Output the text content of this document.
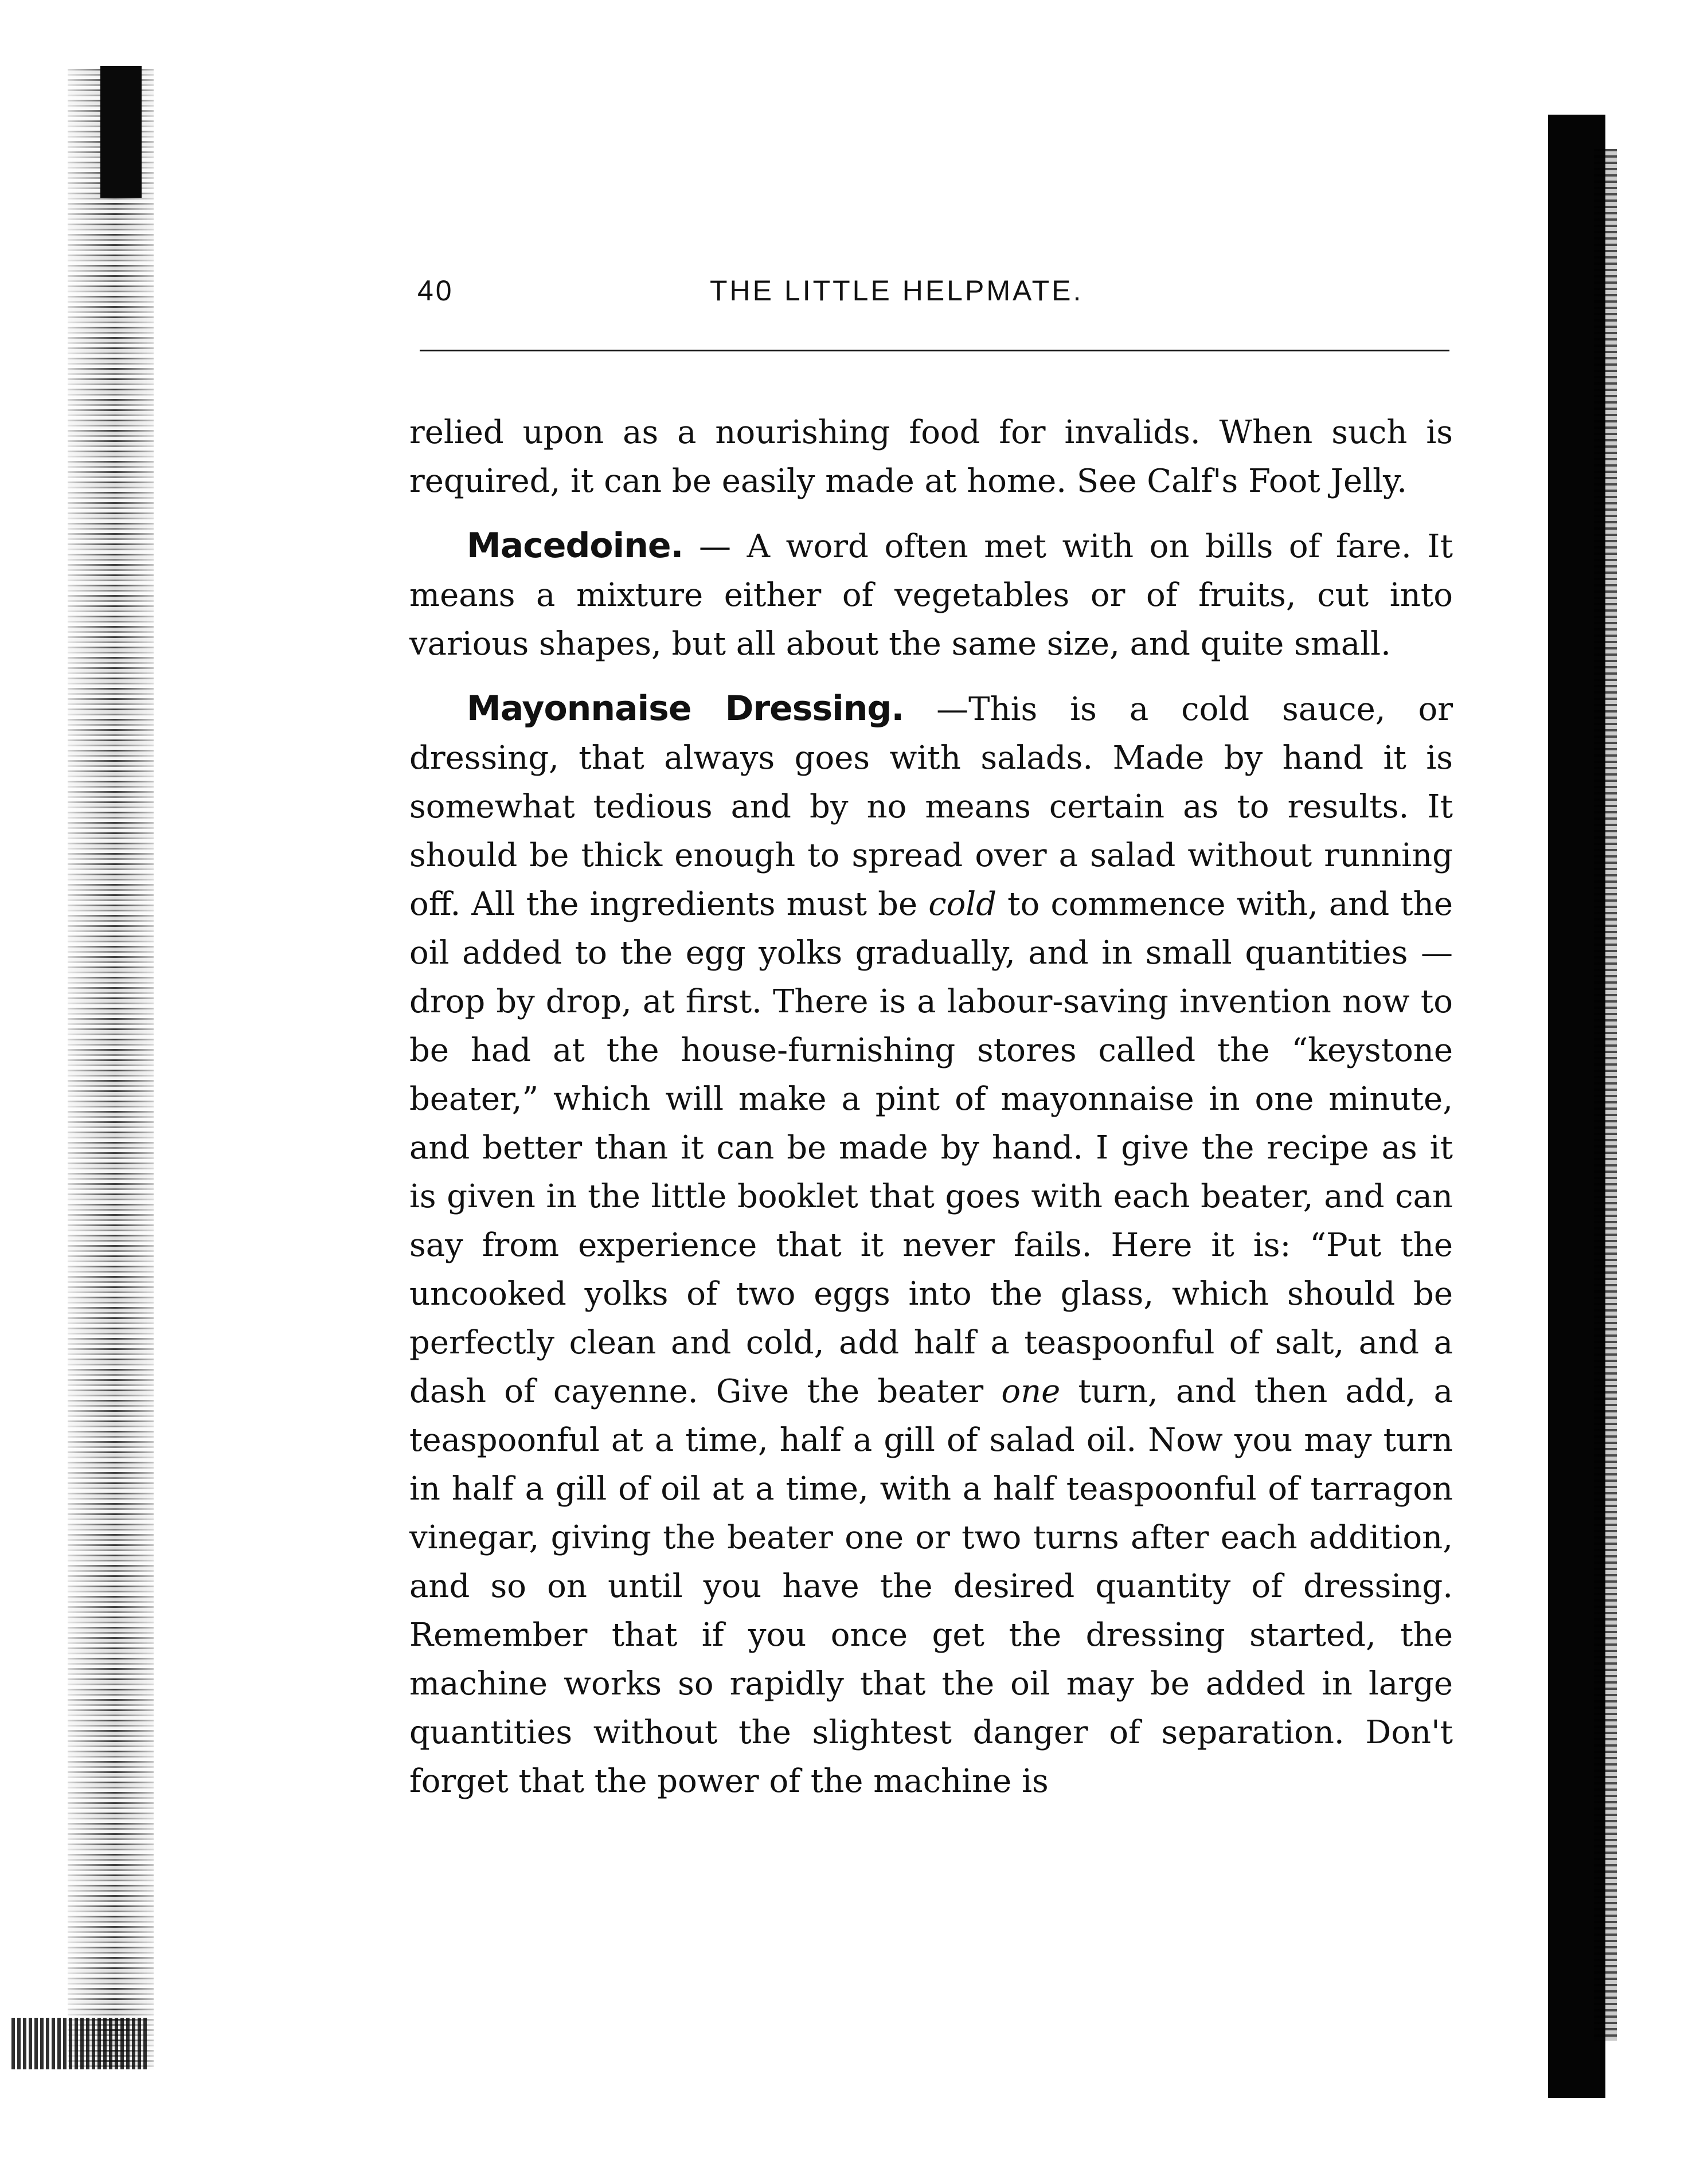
40	THE LITTLE HELPMATE.

relied upon as a nourishing food for invalids. When such is required, it can be easily made at home. See Calf's Foot Jelly.

Macedoine. — A word often met with on bills of fare. It means a mixture either of vegetables or of fruits, cut into various shapes, but all about the same size, and quite small.

Mayonnaise Dressing. —This is a cold sauce, or dressing, that always goes with salads. Made by hand it is somewhat tedious and by no means certain as to results. It should be thick enough to spread over a salad without running off. All the ingredients must be cold to commence with, and the oil added to the egg yolks gradually, and in small quantities — drop by drop, at first. There is a labour-saving invention now to be had at the house-furnishing stores called the “keystone beater,” which will make a pint of mayonnaise in one minute, and better than it can be made by hand. I give the recipe as it is given in the little booklet that goes with each beater, and can say from experience that it never fails. Here it is: “Put the uncooked yolks of two eggs into the glass, which should be perfectly clean and cold, add half a teaspoonful of salt, and a dash of cayenne. Give the beater one turn, and then add, a teaspoonful at a time, half a gill of salad oil. Now you may turn in half a gill of oil at a time, with a half teaspoonful of tarragon vinegar, giving the beater one or two turns after each addition, and so on until you have the desired quantity of dressing. Remember that if you once get the dressing started, the machine works so rapidly that the oil may be added in large quantities without the slightest danger of separation. Don't forget that the power of the machine is
